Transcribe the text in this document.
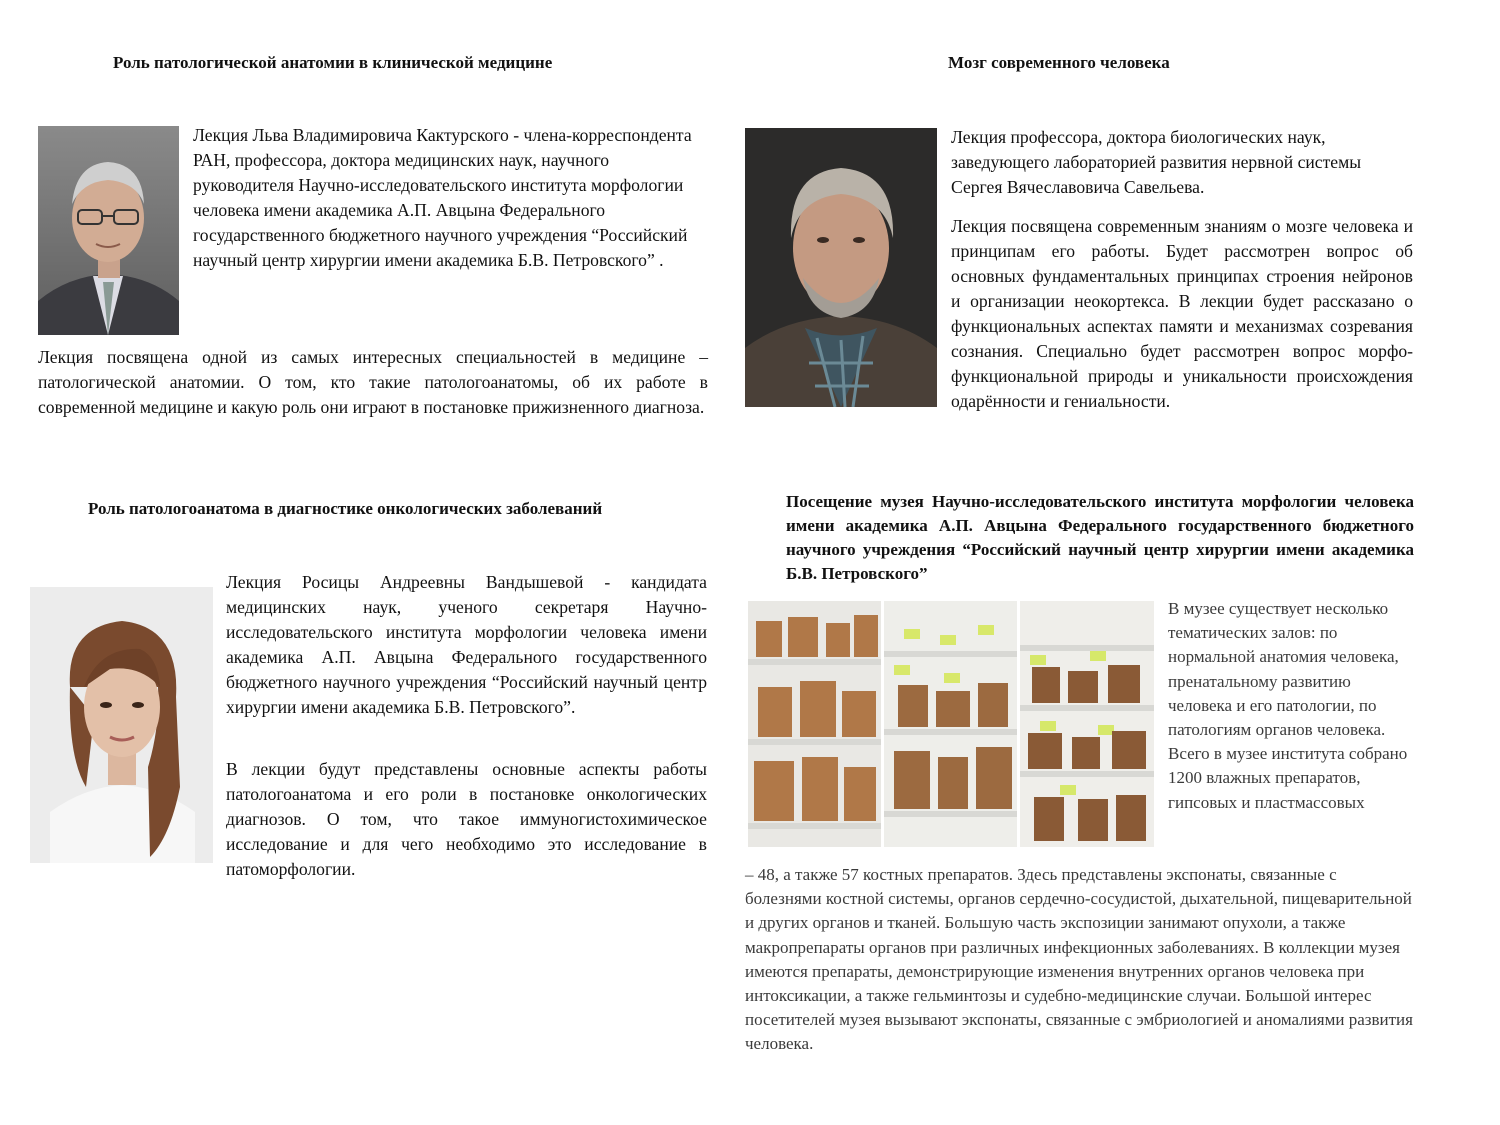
Роль патологической анатомии в клинической медицине
Лекция Льва Владимировича Кактурского - члена-корреспондента РАН, профессора, доктора медицинских наук, научного руководителя Научно-исследовательского института морфологии человека имени академика А.П. Авцына Федерального государственного бюджетного научного учреждения “Российский научный центр хирургии имени академика Б.В. Петровского” .
Лекция посвящена одной из самых интересных специальностей в медицине – патологической анатомии. О том, кто такие патологоанатомы, об их работе в современной медицине и какую роль они играют в постановке прижизненного диагноза.
Мозг современного человека
Лекция профессора, доктора биологических наук, заведующего лабораторией развития нервной системы Сергея Вячеславовича Савельева.
Лекция посвящена современным знаниям о мозге человека и принципам его работы. Будет рассмотрен вопрос об основных фундаментальных принципах строения нейронов и организации неокортекса. В лекции будет рассказано о функциональных аспектах памяти и механизмах созревания сознания. Специально будет рассмотрен вопрос морфо-функциональной природы и уникальности происхождения одарённости и гениальности.
Роль патологоанатома в диагностике онкологических заболеваний
Лекция Росицы Андреевны Вандышевой - кандидата медицинских наук, ученого секретаря Научно-исследовательского института морфологии человека имени академика А.П. Авцына Федерального государственного бюджетного научного учреждения “Российский научный центр хирургии имени академика Б.В. Петровского”.
В лекции будут представлены основные аспекты работы патологоанатома и его роли в постановке онкологических диагнозов. О том, что такое иммуногистохимическое исследование и для чего необходимо это исследование в патоморфологии.
Посещение музея Научно-исследовательского института морфологии человека имени академика А.П. Авцына Федерального государственного бюджетного научного учреждения “Российский научный центр хирургии имени академика Б.В. Петровского”
В музее существует несколько тематических залов: по нормальной анатомия человека, пренатальному развитию человека и его патологии, по патологиям органов человека. Всего в музее института собрано 1200 влажных препаратов, гипсовых и пластмассовых
– 48, а также 57 костных препаратов. Здесь представлены экспонаты, связанные с болезнями костной системы, органов сердечно-сосудистой, дыхательной, пищеварительной и других органов и тканей. Большую часть экспозиции занимают опухоли, а также макропрепараты органов при различных инфекционных заболеваниях. В коллекции музея имеются препараты, демонстрирующие изменения внутренних органов человека при интоксикации, а также гельминтозы и судебно-медицинские случаи. Большой интерес посетителей музея вызывают экспонаты, связанные с эмбриологией и аномалиями развития человека.
